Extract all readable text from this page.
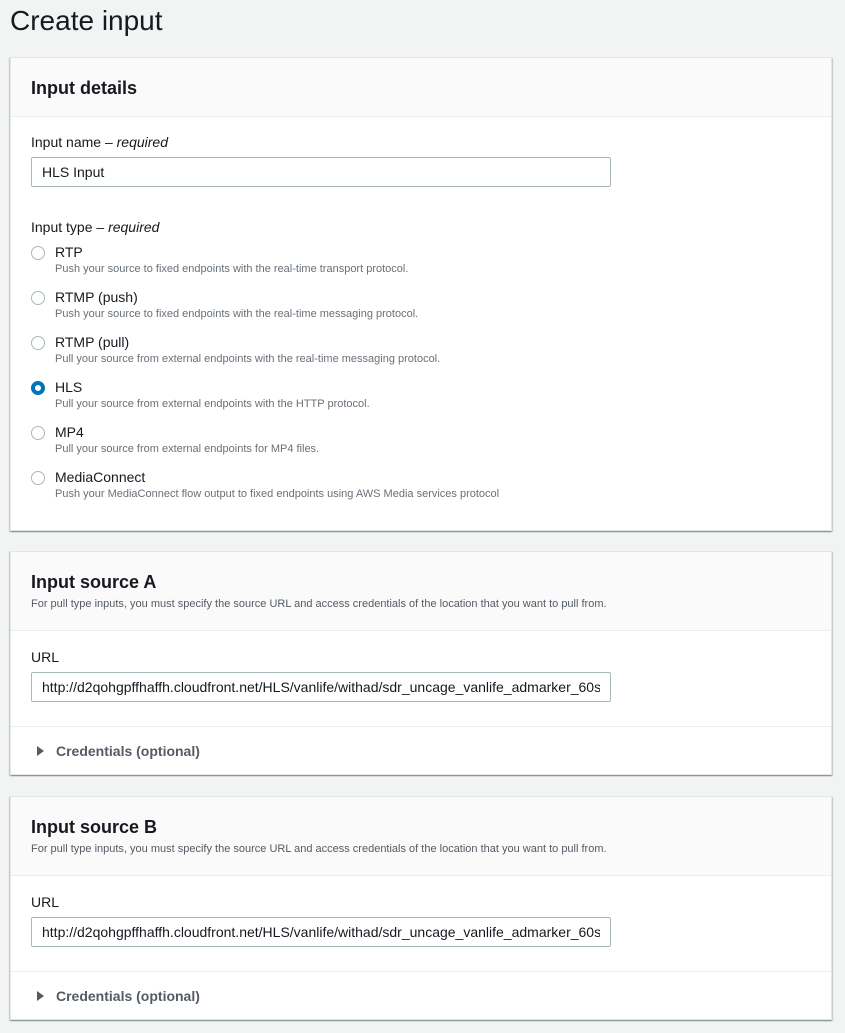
Create input
Input details
Input name – required
HLS Input
Input type – required
RTP
Push your source to fixed endpoints with the real-time transport protocol.
RTMP (push)
Push your source to fixed endpoints with the real-time messaging protocol.
RTMP (pull)
Pull your source from external endpoints with the real-time messaging protocol.
HLS
Pull your source from external endpoints with the HTTP protocol.
MP4
Pull your source from external endpoints for MP4 files.
MediaConnect
Push your MediaConnect flow output to fixed endpoints using AWS Media services protocol
Input source A
For pull type inputs, you must specify the source URL and access credentials of the location that you want to pull from.
URL
http://d2qohgpffhaffh.cloudfront.net/HLS/vanlife/withad/sdr_uncage_vanlife_admarker_60sec.m3u8
Credentials (optional)
Input source B
For pull type inputs, you must specify the source URL and access credentials of the location that you want to pull from.
URL
http://d2qohgpffhaffh.cloudfront.net/HLS/vanlife/withad/sdr_uncage_vanlife_admarker_60sec.m3u8
Credentials (optional)
